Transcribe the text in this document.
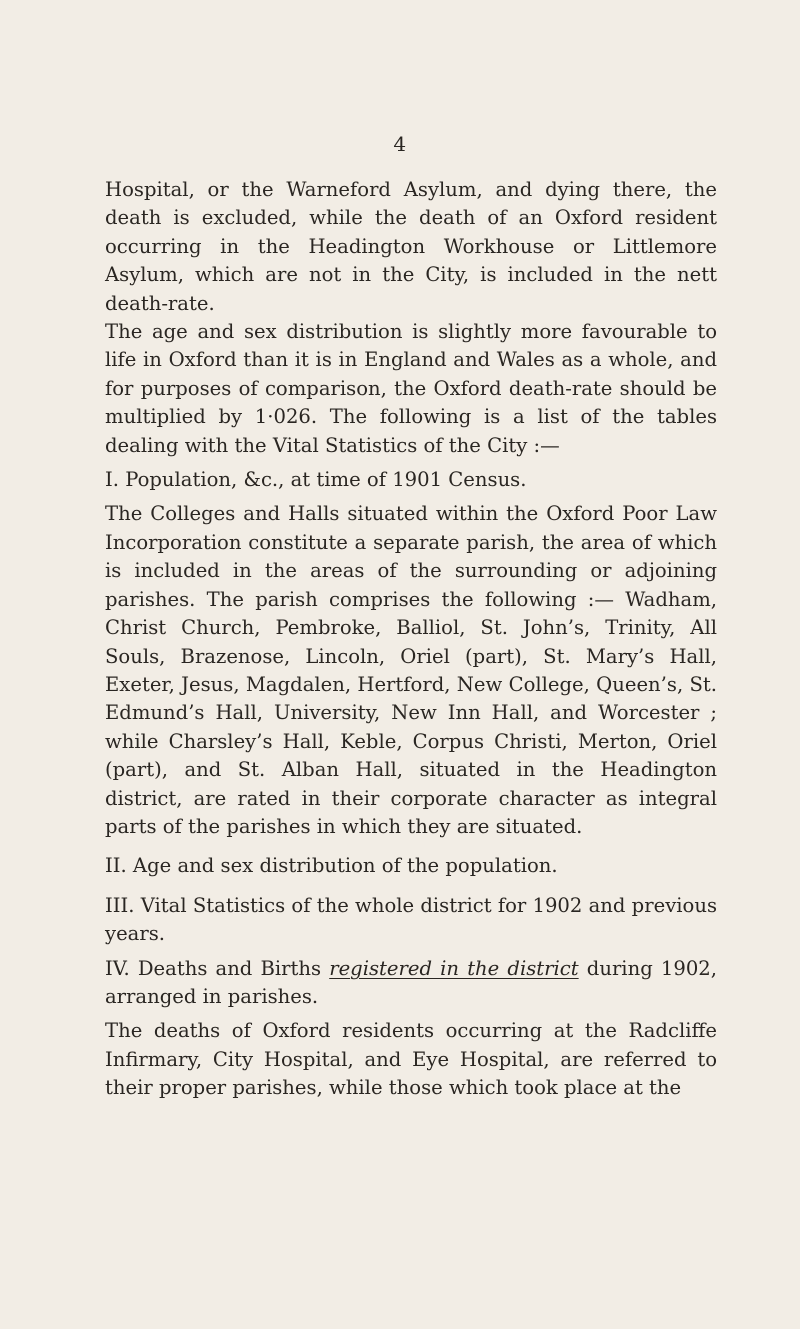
4

Hospital, or the Warneford Asylum, and dying there, the death is excluded, while the death of an Oxford resident occurring in the Headington Workhouse or Littlemore Asylum, which are not in the City, is included in the nett death-rate.

The age and sex distribution is slightly more favourable to life in Oxford than it is in England and Wales as a whole, and for purposes of comparison, the Oxford death-rate should be multiplied by 1·026. The following is a list of the tables dealing with the Vital Statistics of the City :—

I. Population, &c., at time of 1901 Census.

The Colleges and Halls situated within the Oxford Poor Law Incorporation constitute a separate parish, the area of which is included in the areas of the surrounding or adjoining parishes. The parish comprises the following :— Wadham, Christ Church, Pembroke, Balliol, St. John’s, Trinity, All Souls, Brazenose, Lincoln, Oriel (part), St. Mary’s Hall, Exeter, Jesus, Magdalen, Hertford, New College, Queen’s, St. Edmund’s Hall, University, New Inn Hall, and Worcester ; while Charsley’s Hall, Keble, Corpus Christi, Merton, Oriel (part), and St. Alban Hall, situated in the Headington district, are rated in their corporate character as integral parts of the parishes in which they are situated.

II. Age and sex distribution of the population.

III. Vital Statistics of the whole district for 1902 and previous years.

IV. Deaths and Births registered in the district during 1902, arranged in parishes.

The deaths of Oxford residents occurring at the Radcliffe Infirmary, City Hospital, and Eye Hospital, are referred to their proper parishes, while those which took place at the
